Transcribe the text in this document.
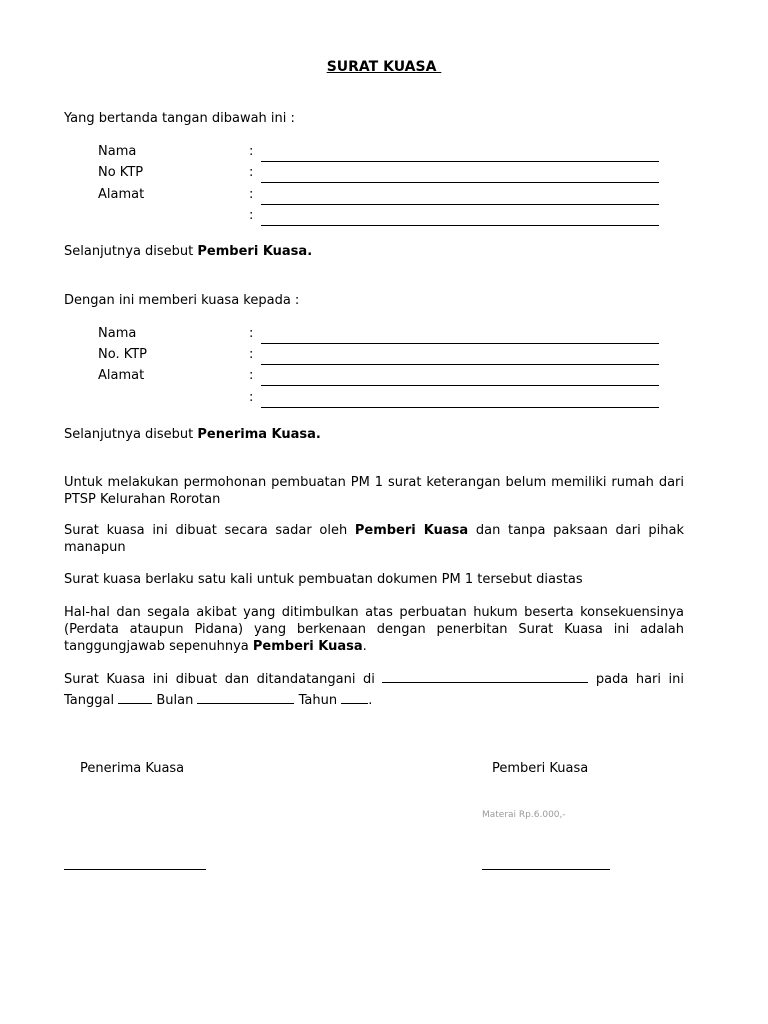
SURAT KUASA
Yang bertanda tangan dibawah ini :
Nama	:
No KTP	:
Alamat	:
:
Selanjutnya disebut Pemberi Kuasa.
Dengan ini memberi kuasa kepada :
Nama	:
No. KTP	:
Alamat	:
:
Selanjutnya disebut Penerima Kuasa.
Untuk melakukan permohonan pembuatan PM 1 surat keterangan belum memiliki rumah dari PTSP Kelurahan Rorotan
Surat kuasa ini dibuat secara sadar oleh Pemberi Kuasa dan tanpa paksaan dari pihak manapun
Surat kuasa berlaku satu kali untuk pembuatan dokumen PM 1 tersebut diastas
Hal-hal dan segala akibat yang ditimbulkan atas perbuatan hukum beserta konsekuensinya (Perdata ataupun Pidana) yang berkenaan dengan penerbitan Surat Kuasa ini adalah tanggungjawab sepenuhnya Pemberi Kuasa.
Surat Kuasa ini dibuat dan ditandatangani di	pada hari ini Tanggal	Bulan	Tahun .
Penerima Kuasa	Pemberi Kuasa
Materai Rp.6.000,-
